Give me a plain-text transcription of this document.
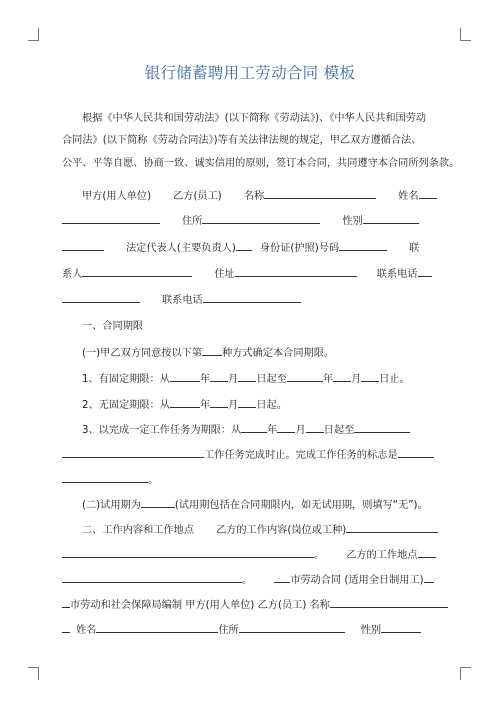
银行储蓄聘用工劳动合同 模板
根据《中华人民共和国劳动法》(以下简称《劳动法》)、《中华人民共和国劳动
合同法》(以下简称《劳动合同法》)等有关法律法规的规定，甲乙双方遵循合法、
公平、平等自愿、协商一致、诚实信用的原则，签订本合同，共同遵守本合同所列条款。
甲方(用人单位) 乙方(员工) 名称	姓名
住所	性别
法定代表人(主要负责人) 身份证(护照)号码	联
系人	住址	联系电话
联系电话
一、合同期限
(一)甲乙双方同意按以下第 种方式确定本合同期限。
1、有固定期限：从	年 月 日起至	年 月 日止。
2、无固定期限：从	年 月 日起。
3、以完成一定工作任务为期限：从	年 月 日起至
工作任务完成时止。完成工作任务的标志是
。
(二)试用期为	(试用期包括在合同期限内，如无试用期，则填写“无”)。
二、工作内容和工作地点 乙方的工作内容(岗位或工种)
。 乙方的工作地点
。	市劳动合同 (适用全日制用工)
市劳动和社会保障局编制 甲方(用人单位) 乙方(员工) 名称
姓名	住所	性别
